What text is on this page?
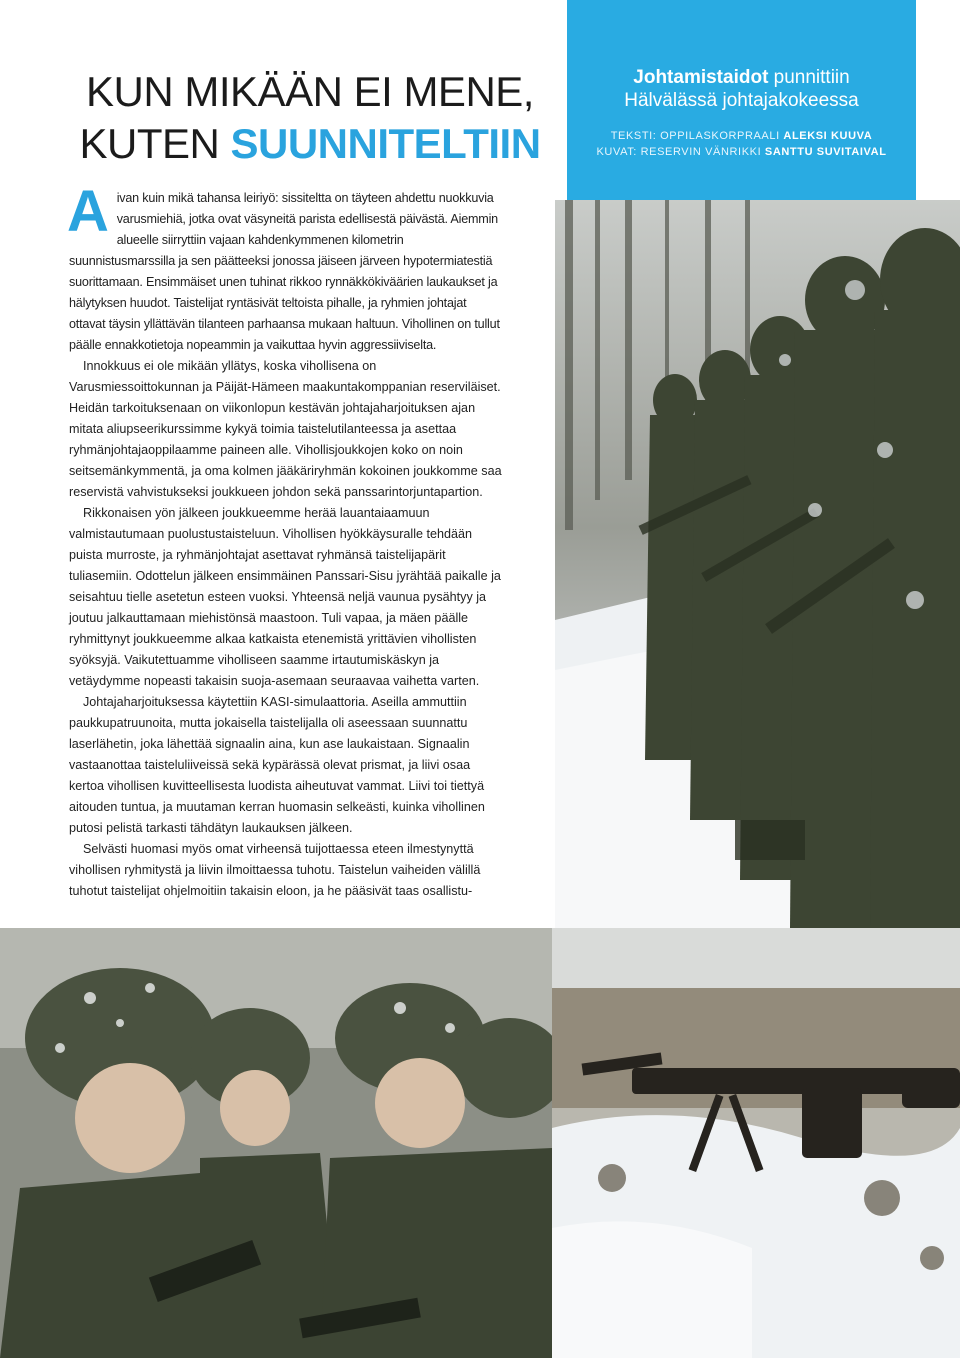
KUN MIKÄÄN EI MENE,
KUTEN SUUNNITELTIIN
Johtamistaidot punnittiin
Hälvälässä johtajakokeessa
TEKSTI: OPPILASKORPRAALI ALEKSI KUUVA
KUVAT: RESERVIN VÄNRIKKI SANTTU SUVITAIVAL

Aivan kuin mikä tahansa leiriyö: sissiteltta on täyteen ahdettu nuokkuvia varusmiehiä, jotka ovat väsyneitä paristа edellisestä päivästä. Aiemmin alueelle siirryttiin vajaan kahdenkymmenen kilometrin suunnistusmarssilla ja sen päätteeksi jonossa jäiseen järveen hypotermiatestiä suorittamaan. Ensimmäiset unen tuhinat rikkoo rynnäkkökiväärien laukaukset ja hälytyksen huudot. Taistelijat ryntäsivät teltoista pihalle, ja ryhmien johtajat ottavat täysin yllättävän tilanteen parhaansa mukaan haltuun. Vihollinen on tullut päälle ennakkotietoja nopeammin ja vaikuttaa hyvin aggressiiviselta.

Innokkuus ei ole mikään yllätys, koska vihollisena on Varusmiessoittokunnan ja Päijät-Hämeen maakuntakomppanian reserviläiset. Heidän tarkoituksenaan on viikonlopun kestävän johtajaharjoituksen ajan mitata aliupseerikurssimme kykyä toimia taistelutilanteessa ja asettaa ryhmänjohtajaoppilaamme paineen alle. Vihollisjoukkojen koko on noin seitsemänkymmentä, ja oma kolmen jääkäriryhmän kokoinen joukkomme saa reservistä vahvistukseksi joukkueen johdon sekä panssarintorjuntapartion.

Rikkonaisen yön jälkeen joukkueemme herää lauantaiaamuun valmistautumaan puolustustaisteluun. Vihollisen hyökkäysuralle tehdään puista murroste, ja ryhmänjohtajat asettavat ryhmänsä taistelijapärit tuliasemiin. Odottelun jälkeen ensimmäinen Panssari-Sisu jyrähtää paikalle ja seisahtuu tielle asetetun esteen vuoksi. Yhteensä neljä vaunua pysähtyy ja joutuu jalkauttamaan miehistönsä maastoon. Tuli vapaa, ja mäen päälle ryhmittynyt joukkueemme alkaa katkaista etenemistä yrittävien vihollisten syöksyjä. Vaikutettuamme viholliseen saamme irtautumiskäskyn ja vetäydymme nopeasti takaisin suoja-asemaan seuraavaa vaihetta varten.

Johtajaharjoituksessa käytettiin KASI-simulaattoria. Aseilla ammuttiin paukkupatruunoita, mutta jokaisella taistelijalla oli aseessaan suunnattu laserlähetin, joka lähettää signaalin aina, kun ase laukaistaan. Signaalin vastaanottaa taisteluliiveissä sekä kypärässä olevat prismat, ja liivi osaa kertoa vihollisen kuvitteellisesta luodista aiheutuvat vammat. Liivi toi tiettyä aitouden tuntua, ja muutaman kerran huomasin selkeästi, kuinka vihollinen putosi pelistä tarkasti tähdätyn laukauksen jälkeen.

Selvästi huomasi myös omat virheensä tuijottaessa eteen ilmestynyttä vihollisen ryhmitystä ja liivin ilmoittaessa tuhotu. Taistelun vaiheiden välillä tuhotut taistelijat ohjelmoitiin takaisin eloon, ja he pääsivät taas osallistu-
